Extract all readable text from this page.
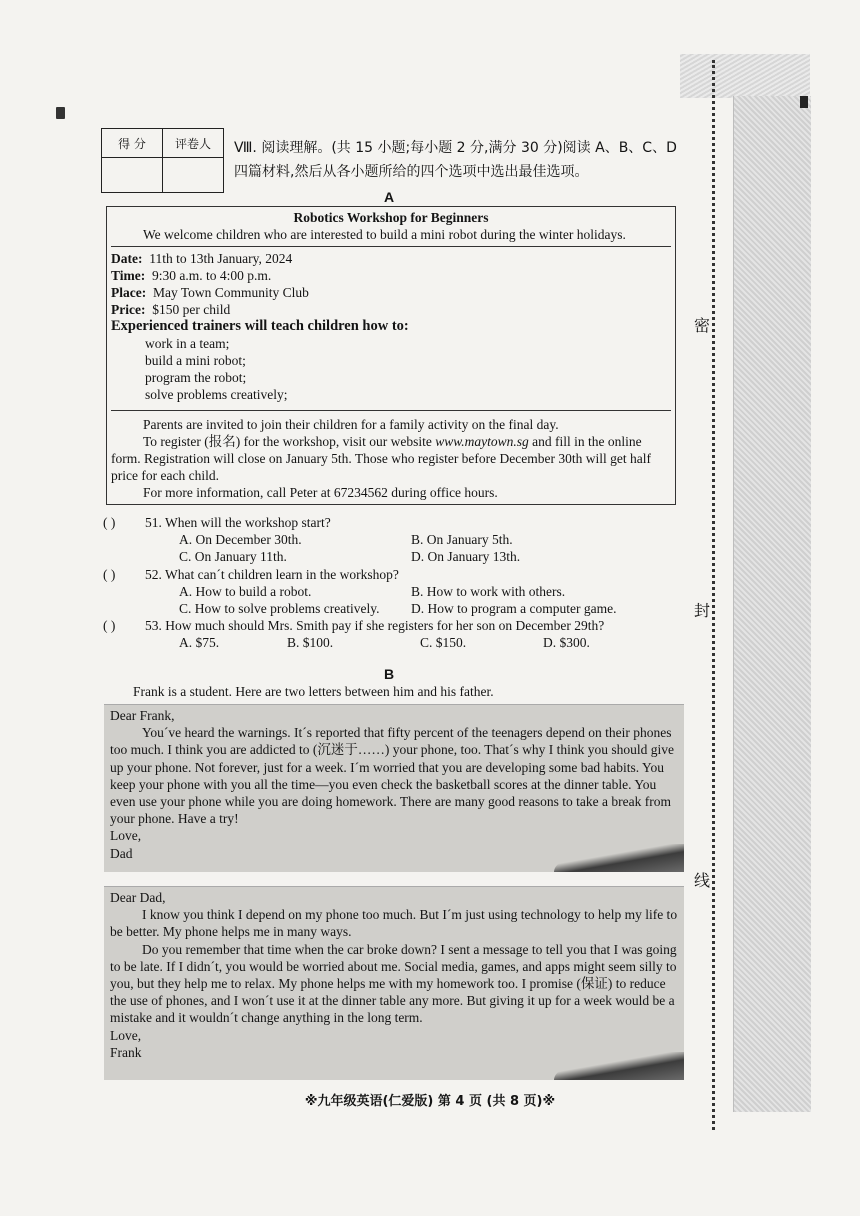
密
封
线
得 分	评卷人
	Ⅷ. 阅读理解。(共 15 小题;每小题 2 分,满分 30 分)阅读 A、B、C、D 四篇材料,然后从各小题所给的四个选项中选出最佳选项。
A

Robotics Workshop for Beginners

We welcome children who are interested to build a mini robot during the winter holidays.

Date: 11th to 13th January, 2024

Time: 9:30 a.m. to 4:00 p.m.

Place: May Town Community Club

Price: $150 per child

Experienced trainers will teach children how to:

work in a team;

build a mini robot;

program the robot;

solve problems creatively;

Parents are invited to join their children for a family activity on the final day.

To register (报名) for the workshop, visit our website www.maytown.sg and fill in the online form. Registration will close on January 5th. Those who register before December 30th will get half price for each child.

For more information, call Peter at 67234562 during office hours.

( )	51. When will the workshop start?
A. On December 30th.	B. On January 5th.
C. On January 11th.	D. On January 13th.
( )	52. What can´t children learn in the workshop?
A. How to build a robot.	B. How to work with others.
C. How to solve problems creatively.	D. How to program a computer game.
( )	53. How much should Mrs. Smith pay if she registers for her son on December 29th?
A. $75.	B. $100.	C. $150.	D. $300.
B
Frank is a student. Here are two letters between him and his father.

Dear Frank,

You´ve heard the warnings. It´s reported that fifty percent of the teenagers depend on their phones too much. I think you are addicted to (沉迷于……) your phone, too. That´s why I think you should give up your phone. Not forever, just for a week. I´m worried that you are developing some bad habits. You keep your phone with you all the time—you even check the basketball scores at the dinner table. You even use your phone while you are doing homework. There are many good reasons to take a break from your phone. Have a try!

Love,

Dad

Dear Dad,

I know you think I depend on my phone too much. But I´m just using technology to help my life to be better. My phone helps me in many ways.

Do you remember that time when the car broke down? I sent a message to tell you that I was going to be late. If I didn´t, you would be worried about me. Social media, games, and apps might seem silly to you, but they help me to relax. My phone helps me with my homework too. I promise (保证) to reduce the use of phones, and I won´t use it at the dinner table any more. But giving it up for a week would be a mistake and it wouldn´t change anything in the long term.

Love,

Frank

※九年级英语(仁爱版) 第 4 页 (共 8 页)※
